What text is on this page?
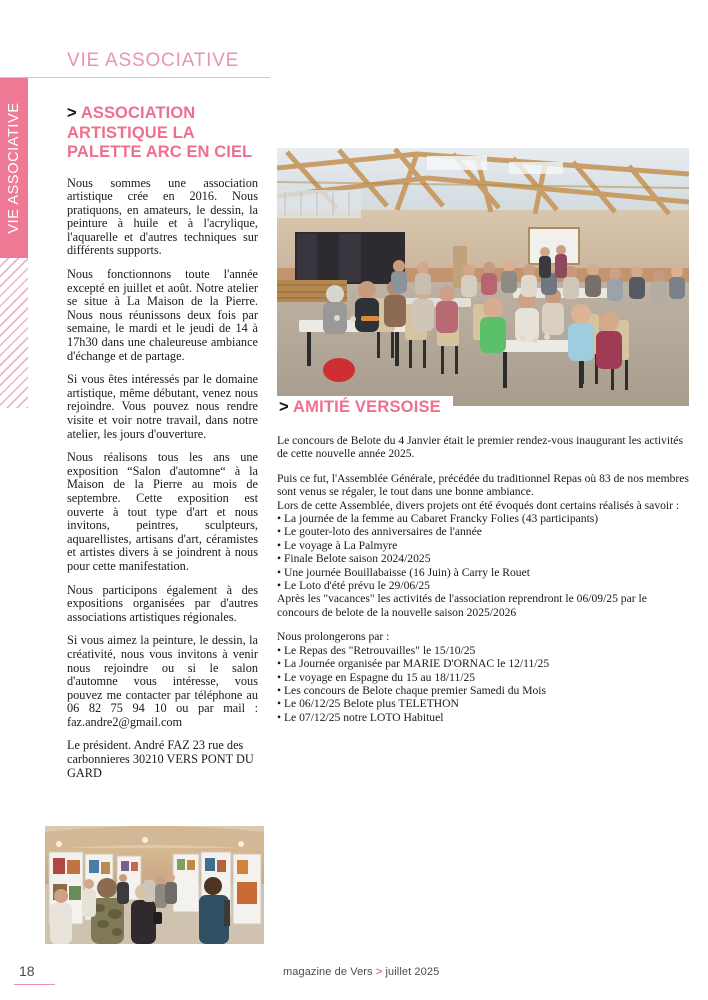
VIE ASSOCIATIVE
VIE ASSOCIATIVE
> ASSOCIATION ARTISTIQUE LA PALETTE ARC EN CIEL

Nous sommes une association artistique crée en 2016. Nous pratiquons, en amateurs, le dessin, la peinture à huile et à l'acrylique, l'aquarelle et d'autres techniques sur différents supports.

Nous fonctionnons toute l'année excepté en juillet et août. Notre atelier se situe à La Maison de la Pierre. Nous nous réunissons deux fois par semaine, le mardi et le jeudi de 14 à 17h30 dans une chaleureuse ambiance d'échange et de partage.

Si vous êtes intéressés par le domaine artistique, même débutant, venez nous rejoindre. Vous pouvez nous rendre visite et voir notre travail, dans notre atelier, les jours d'ouverture.

Nous réalisons tous les ans une exposition “Salon d'automne“ à la Maison de la Pierre au mois de septembre. Cette exposition est ouverte à tout type d'art et nous invitons, peintres, sculpteurs, aquarellistes, artisans d'art, céramistes et artistes divers à se joindrent à nous pour cette manifestation.

Nous participons également à des expositions organisées par d'autres associations artistiques régionales.

Si vous aimez la peinture, le dessin, la créativité, nous vous invitons à venir nous rejoindre ou si le salon d'automne vous intéresse, vous pouvez me contacter par téléphone au 06 82 75 94 10 ou par mail : faz.andre2@gmail.com

Le président. André FAZ 23 rue des carbonnieres 30210 VERS PONT DU GARD

> AMITIÉ VERSOISE

Le concours de Belote du 4 Janvier était le premier rendez-vous inaugurant les activités de cette nouvelle année 2025.

Puis ce fut, l'Assemblée Générale, précédée du traditionnel Repas où 83 de nos membres sont venus se régaler, le tout dans une bonne ambiance.

Lors de cette Assemblée, divers projets ont été évoqués dont certains réalisés à savoir :

• La journée de la femme au Cabaret Francky Folies (43 participants)
• Le gouter-loto des anniversaires de l'année
• Le voyage à La Palmyre
• Finale Belote saison 2024/2025
• Une journée Bouillabaisse (16 Juin) à Carry le Rouet
• Le Loto d'été prévu le 29/06/25

Après les "vacances" les activités de l'association reprendront le 06/09/25 par le concours de belote de la nouvelle saison 2025/2026

Nous prolongerons par :

• Le Repas des "Retrouvailles" le 15/10/25
• La Journée organisée par MARIE D'ORNAC le 12/11/25
• Le voyage en Espagne du 15 au 18/11/25
• Les concours de Belote chaque premier Samedi du Mois
• Le 06/12/25 Belote plus TELETHON
• Le 07/12/25 notre LOTO Habituel
18	magazine de Vers > juillet 2025
